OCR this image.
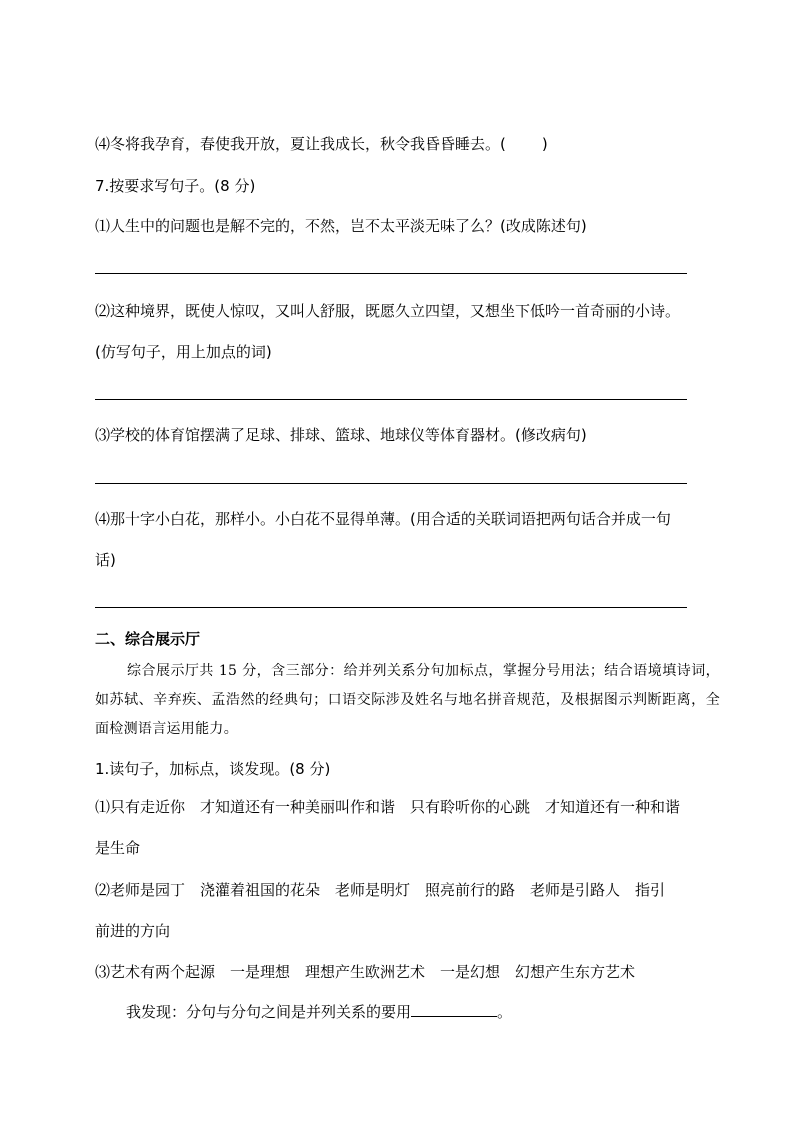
⑷冬将我孕育，春使我开放，夏让我成长，秋令我昏昏睡去。( )
7.按要求写句子。(8 分)
⑴人生中的问题也是解不完的，不然，岂不太平淡无味了么？(改成陈述句)
⑵这种境界，既使人惊叹，又叫人舒服，既愿久立四望，又想坐下低吟一首奇丽的小诗。
(仿写句子，用上加点的词)
⑶学校的体育馆摆满了足球、排球、篮球、地球仪等体育器材。(修改病句)
⑷那十字小白花，那样小。小白花不显得单薄。(用合适的关联词语把两句话合并成一句
话)
二、综合展示厅
综合展示厅共 15 分，含三部分：给并列关系分句加标点，掌握分号用法；结合语境填诗词，如苏轼、辛弃疾、孟浩然的经典句；口语交际涉及姓名与地名拼音规范，及根据图示判断距离，全面检测语言运用能力。
1.读句子，加标点，谈发现。(8 分)
⑴只有走近你　才知道还有一种美丽叫作和谐　只有聆听你的心跳　才知道还有一种和谐
是生命
⑵老师是园丁　浇灌着祖国的花朵　老师是明灯　照亮前行的路　老师是引路人　指引
前进的方向
⑶艺术有两个起源　一是理想　理想产生欧洲艺术　一是幻想　幻想产生东方艺术
我发现：分句与分句之间是并列关系的要用	。
